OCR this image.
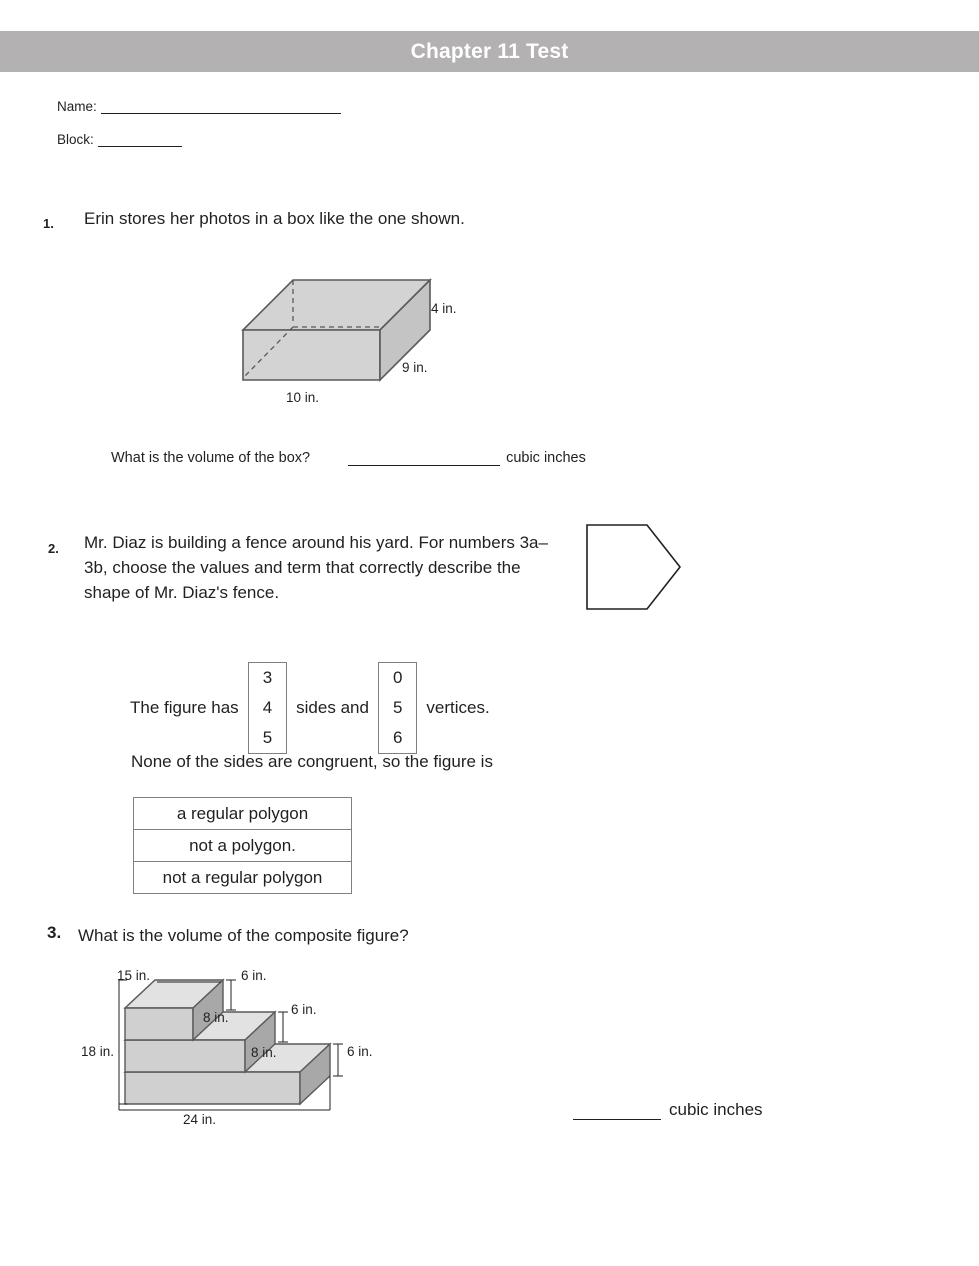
Chapter 11 Test
Name:
Block:
1. Erin stores her photos in a box like the one shown.
4 in.
9 in.
10 in.
What is the volume of the box?	cubic inches
2. Mr. Diaz is building a fence around his yard. For numbers 3a–3b, choose the values and term that correctly describe the shape of Mr. Diaz's fence.
The figure has
3
4
5
sides and
0
5
6
vertices.
None of the sides are congruent, so the figure is
a regular polygon
not a polygon.
not a regular polygon
3. What is the volume of the composite figure?
15 in.	6 in.
8 in.
6 in.
18 in.	8 in.	6 in.
24 in.
cubic inches
